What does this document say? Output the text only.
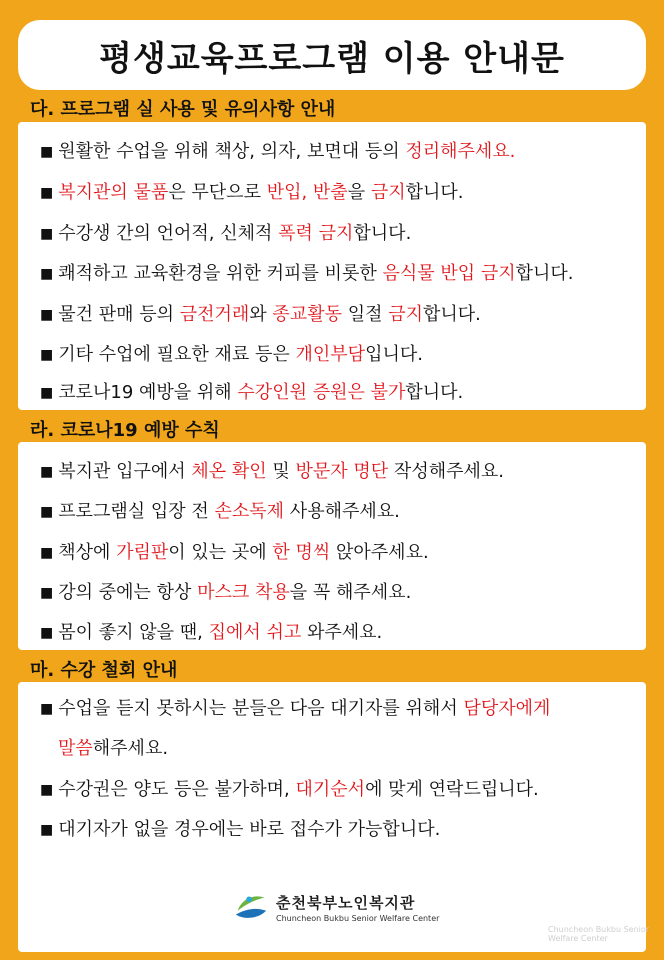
평생교육프로그램 이용 안내문
다. 프로그램 실 사용 및 유의사항 안내
■ 원활한 수업을 위해 책상, 의자, 보면대 등의 정리해주세요.
■ 복지관의 물품은 무단으로 반입, 반출을 금지합니다.
■ 수강생 간의 언어적, 신체적 폭력 금지합니다.
■ 쾌적하고 교육환경을 위한 커피를 비롯한 음식물 반입 금지합니다.
■ 물건 판매 등의 금전거래와 종교활동 일절 금지합니다.
■ 기타 수업에 필요한 재료 등은 개인부담입니다.
■ 코로나19 예방을 위해 수강인원 증원은 불가합니다.
라. 코로나19 예방 수칙
■ 복지관 입구에서 체온 확인 및 방문자 명단 작성해주세요.
■ 프로그램실 입장 전 손소독제 사용해주세요.
■ 책상에 가림판이 있는 곳에 한 명씩 앉아주세요.
■ 강의 중에는 항상 마스크 착용을 꼭 해주세요.
■ 몸이 좋지 않을 땐, 집에서 쉬고 와주세요.
마. 수강 철회 안내
■ 수업을 듣지 못하시는 분들은 다음 대기자를 위해서 담당자에게
말씀해주세요.
■ 수강권은 양도 등은 불가하며, 대기순서에 맞게 연락드립니다.
■ 대기자가 없을 경우에는 바로 접수가 가능합니다.
춘천북부노인복지관
Chuncheon Bukbu Senior Welfare Center
Chuncheon Bukbu Senior Welfare Center
